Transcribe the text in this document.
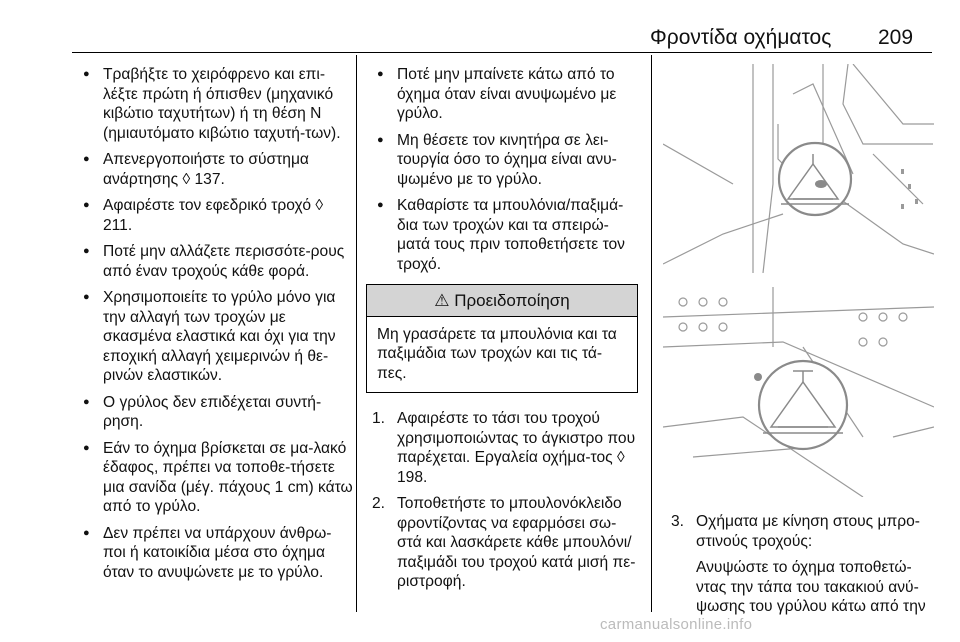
Φροντίδα οχήματος 209
● Τραβήξτε το χειρόφρενο και επι-λέξτε πρώτη ή όπισθεν (μηχανικό κιβώτιο ταχυτήτων) ή τη θέση N (ημιαυτόματο κιβώτιο ταχυτή-των).
● Απενεργοποιήστε το σύστημα ανάρτησης ◊ 137.
● Αφαιρέστε τον εφεδρικό τροχό ◊ 211.
● Ποτέ μην αλλάζετε περισσότε-ρους από έναν τροχούς κάθε φορά.
● Χρησιμοποιείτε το γρύλο μόνο για την αλλαγή των τροχών με σκασμένα ελαστικά και όχι για την εποχική αλλαγή χειμερινών ή θε-ρινών ελαστικών.
● Ο γρύλος δεν επιδέχεται συντή-ρηση.
● Εάν το όχημα βρίσκεται σε μα-λακό έδαφος, πρέπει να τοποθε-τήσετε μια σανίδα (μέγ. πάχους 1 cm) κάτω από το γρύλο.
● Δεν πρέπει να υπάρχουν άνθρω-ποι ή κατοικίδια μέσα στο όχημα όταν το ανυψώνετε με το γρύλο.
● Ποτέ μην μπαίνετε κάτω από το όχημα όταν είναι ανυψωμένο με γρύλο.
● Μη θέσετε τον κινητήρα σε λει-τουργία όσο το όχημα είναι ανυ-ψωμένο με το γρύλο.
● Καθαρίστε τα μπουλόνια/παξιμά-δια των τροχών και τα σπειρώ-ματά τους πριν τοποθετήσετε τον τροχό.
⚠ Προειδοποίηση
Μη γρασάρετε τα μπουλόνια και τα παξιμάδια των τροχών και τις τά-πες.
1. Αφαιρέστε το τάσι του τροχού χρησιμοποιώντας το άγκιστρο που παρέχεται. Εργαλεία οχήμα-τος ◊ 198.
2. Τοποθετήστε το μπουλονόκλειδο φροντίζοντας να εφαρμόσει σω-στά και λασκάρετε κάθε μπουλόνι/ παξιμάδι του τροχού κατά μισή πε-ριστροφή.
3. Οχήματα με κίνηση στους μπρο-στινούς τροχούς:
Ανυψώστε το όχημα τοποθετώ-ντας την τάπα του τακακιού ανύ-ψωσης του γρύλου κάτω από την
carmanualsonline.info
